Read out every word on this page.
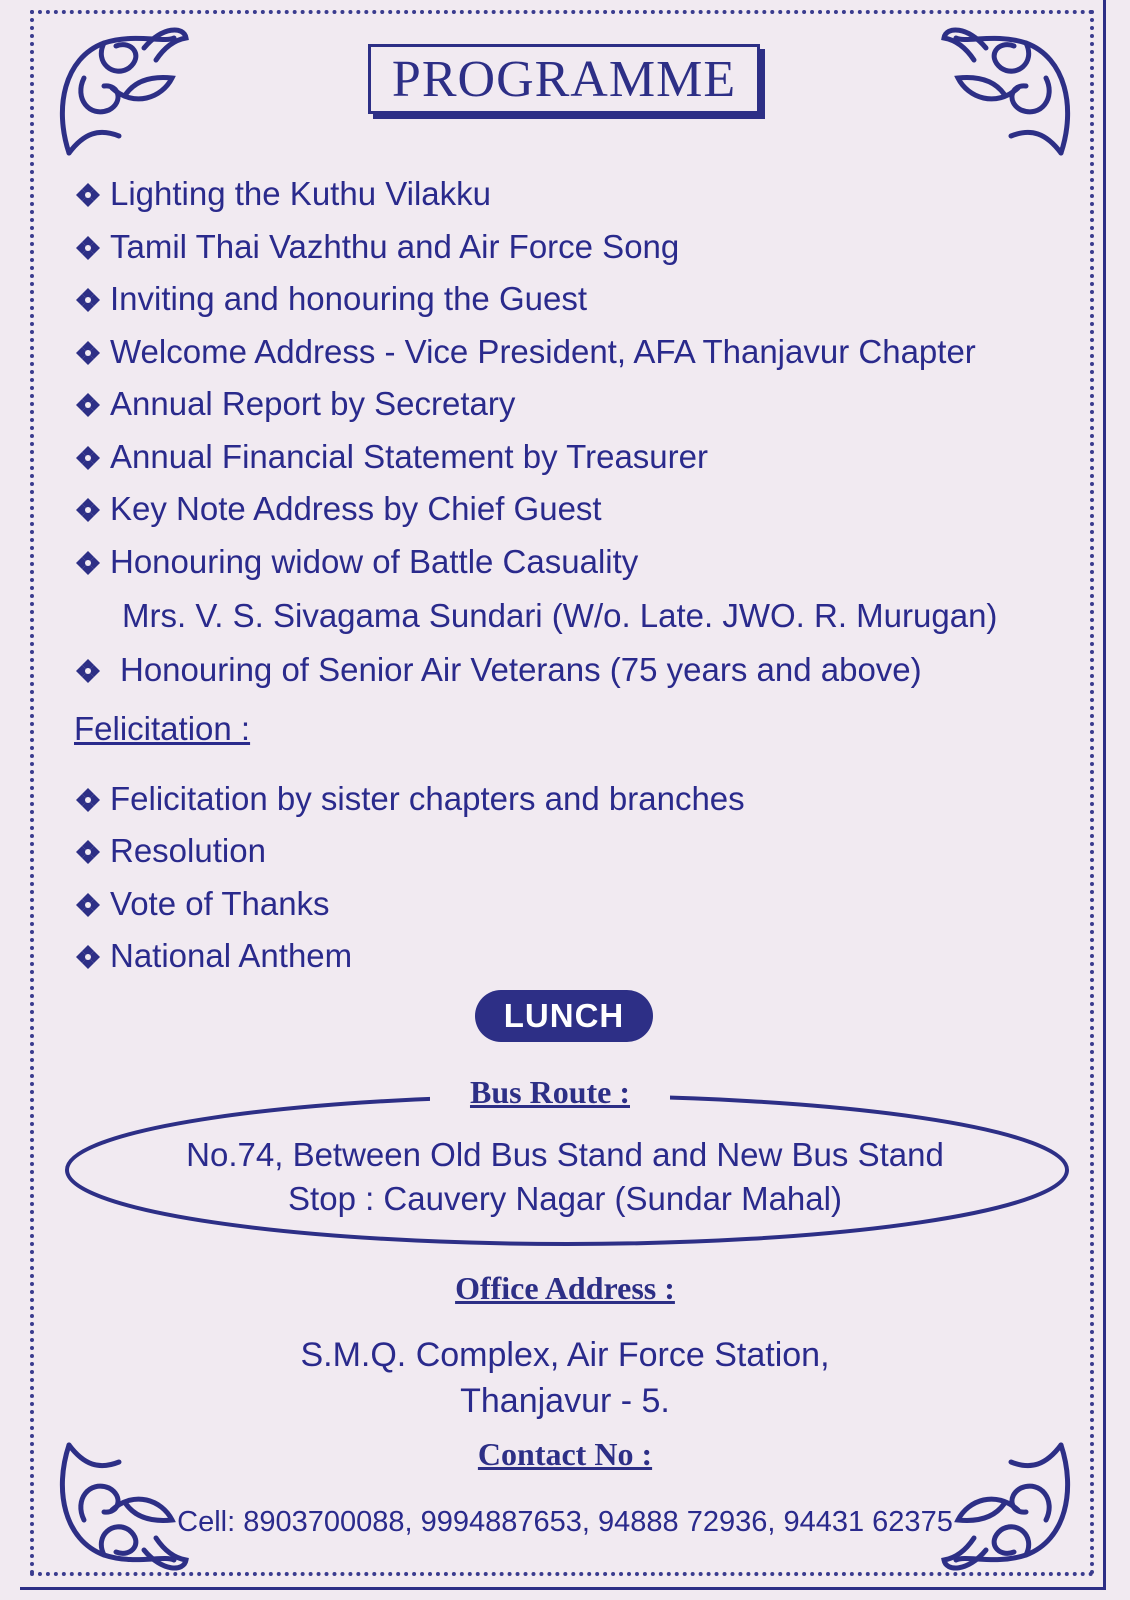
PROGRAMME
Lighting the Kuthu Vilakku
Tamil Thai Vazhthu and Air Force Song
Inviting and honouring the Guest
Welcome Address - Vice President, AFA Thanjavur Chapter
Annual Report by Secretary
Annual Financial Statement by Treasurer
Key Note Address by Chief Guest
Honouring widow of Battle Casuality
Mrs. V. S. Sivagama Sundari (W/o. Late. JWO. R. Murugan)
Honouring of Senior Air Veterans (75 years and above)
Felicitation :
Felicitation by sister chapters and branches
Resolution
Vote of Thanks
National Anthem
LUNCH
Bus Route :
No.74, Between Old Bus Stand and New Bus Stand
Stop : Cauvery Nagar (Sundar Mahal)
Office Address :
S.M.Q. Complex, Air Force Station,
Thanjavur - 5.
Contact No :
Cell: 8903700088, 9994887653, 94888 72936, 94431 62375
